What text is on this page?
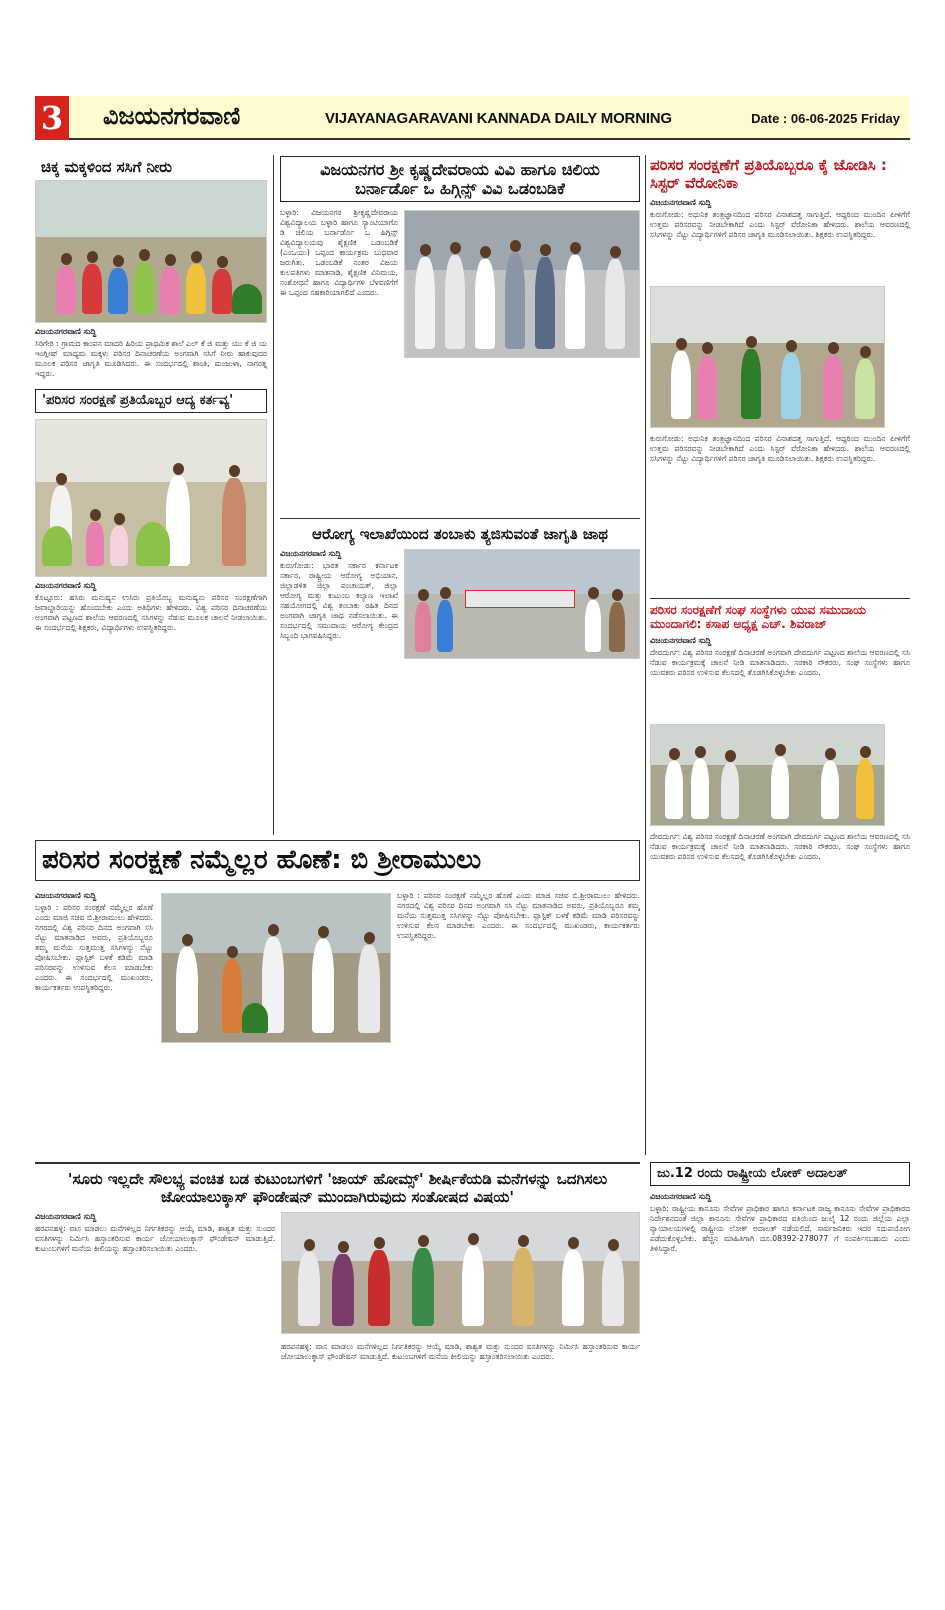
3 ವಿಜಯನಗರವಾಣಿ	VIJAYANAGARAVANI KANNADA DAILY MORNING	Date : 06-06-2025 Friday
ಚಿಕ್ಕ ಮಕ್ಕಳಿಂದ ಸಸಿಗೆ ನೀರು
ವಿಜಯನಗರವಾಣಿ ಸುದ್ದಿ
ಸಿರಿಗೇರಿ : ಗ್ರಾಮದ ಕಾಂಪನ ಮಾದರಿ ಹಿರಿಯ ಪ್ರಾಥಮಿಕ ಶಾಲೆ ಎಲ್ ಕೆ ಜಿ ಮತ್ತು ಯು ಕೆ ಜಿ ಯ ಇಂಗ್ಲೀಷ್ ಮಾಧ್ಯಮ ಮಕ್ಕಳು ಪರಿಸರ ದಿನಾಚರಣೆಯ ಅಂಗವಾಗಿ ಸಸಿಗೆ ನೀರು ಹಾಕುವುದರ ಮೂಲಕ ಪರಿಸರ ಜಾಗೃತಿ ಮೂಡಿಸಿದರು. ಈ ಸಂದರ್ಭದಲ್ಲಿ ಶಾಂತಿ, ಮಂಜುಳಾ, ನಾಗರತ್ನ ಇದ್ದರು.
'ಪರಿಸರ ಸಂರಕ್ಷಣೆ ಪ್ರತಿಯೊಬ್ಬರ ಆದ್ಯ ಕರ್ತವ್ಯ'
ವಿಜಯನಗರವಾಣಿ ಸುದ್ದಿ
ಕೊಟ್ಟೂರು: ಹಸಿರು ಮನುಷ್ಯನ ಉಸಿರು ಪ್ರತಿಯೊಬ್ಬ ಮನುಷ್ಯನು ಪರಿಸರ ಸಂರಕ್ಷಣೆಗಾಗಿ ಜವಾಬ್ದಾರಿಯನ್ನು ಹೊಂದಬೇಕು ಎಂದು ಅತಿಥಿಗಳು ಹೇಳಿದರು. ವಿಶ್ವ ಪರಿಸರ ದಿನಾಚರಣೆಯ ಅಂಗವಾಗಿ ಪಟ್ಟಣದ ಶಾಲೆಯ ಆವರಣದಲ್ಲಿ ಸಸಿಗಳನ್ನು ನೆಡುವ ಮೂಲಕ ಚಾಲನೆ ನೀಡಲಾಯಿತು. ಈ ಸಂದರ್ಭದಲ್ಲಿ ಶಿಕ್ಷಕರು, ವಿದ್ಯಾರ್ಥಿಗಳು ಉಪಸ್ಥಿತರಿದ್ದರು.
ವಿಜಯನಗರ ಶ್ರೀ ಕೃಷ್ಣದೇವರಾಯ ವಿವಿ ಹಾಗೂ ಚಿಲಿಯ ಬರ್ನಾರ್ಡೊ ಒ ಹಿಗ್ಗಿನ್ಸ್ ವಿವಿ ಒಡಂಬಡಿಕೆ
ಬಳ್ಳಾರಿ: ವಿಜಯನಗರ ಶ್ರೀಕೃಷ್ಣದೇವರಾಯ ವಿಶ್ವವಿದ್ಯಾಲಯ ಬಳ್ಳಾರಿ ಹಾಗೂ ಸ್ಯಾಂಟಿಯಾಗೊ ಡಿ ಚಿಲಿಯ ಬರ್ನಾರ್ಡೊ ಒ ಹಿಗ್ಗಿನ್ಸ್ ವಿಶ್ವವಿದ್ಯಾಲಯವು ಶೈಕ್ಷಣಿಕ ಒಡಂಬಡಿಕೆ (ಎಂಒಯು) ಒಪ್ಪಂದ ಕಾರ್ಯಕ್ರಮ ಬುಧವಾರ ಜರುಗಿತು. ಒಡಂಬಡಿಕೆ ನಂತರ ವಿಜಯ ಕುಲಪತಿಗಳು ಮಾತನಾಡಿ, ಶೈಕ್ಷಣಿಕ ವಿನಿಮಯ, ಸಂಶೋಧನೆ ಹಾಗೂ ವಿದ್ಯಾರ್ಥಿಗಳ ಬೆಳವಣಿಗೆಗೆ ಈ ಒಪ್ಪಂದ ಸಹಕಾರಿಯಾಗಲಿದೆ ಎಂದರು.
ಆರೋಗ್ಯ ಇಲಾಖೆಯಿಂದ ತಂಬಾಕು ತ್ಯಜಿಸುವಂತೆ ಜಾಗೃತಿ ಜಾಥ
ವಿಜಯನಗರವಾಣಿ ಸುದ್ದಿ
ಕುರುಗೋಡು: ಭಾರತ ಸರ್ಕಾರ ಕರ್ನಾಟಕ ಸರ್ಕಾರ, ರಾಷ್ಟ್ರೀಯ ಆರೋಗ್ಯ ಅಭಿಯಾನ, ಜಿಲ್ಲಾಡಳಿತ ಜಿಲ್ಲಾ ಪಂಚಾಯತ್, ಜಿಲ್ಲಾ ಆರೋಗ್ಯ ಮತ್ತು ಕುಟುಂಬ ಕಲ್ಯಾಣ ಇಲಾಖೆ ಸಹಯೋಗದಲ್ಲಿ ವಿಶ್ವ ತಂಬಾಕು ರಹಿತ ದಿನದ ಅಂಗವಾಗಿ ಜಾಗೃತಿ ಜಾಥ ನಡೆಸಲಾಯಿತು. ಈ ಸಂದರ್ಭದಲ್ಲಿ ಸಮುದಾಯ ಆರೋಗ್ಯ ಕೇಂದ್ರದ ಸಿಬ್ಬಂದಿ ಭಾಗವಹಿಸಿದ್ದರು.
ಪರಿಸರ ಸಂರಕ್ಷಣೆಗೆ ಪ್ರತಿಯೊಬ್ಬರೂ ಕೈ ಜೋಡಿಸಿ : ಸಿಸ್ಟರ್ ವೆರೋನಿಕಾ
ವಿಜಯನಗರವಾಣಿ ಸುದ್ದಿ
ಕುರುಗೋಡು: ಅಧುನಿಕ ತಂತ್ರಜ್ಞಾನದಿಂದ ಪರಿಸರ ವಿನಾಶದತ್ತ ಸಾಗುತ್ತಿದೆ. ಆದ್ದರಿಂದ ಮುಂದಿನ ಪೀಳಿಗೆಗೆ ಉತ್ತಮ ಪರಿಸರವನ್ನು ನೀಡಬೇಕಾಗಿದೆ ಎಂದು ಸಿಸ್ಟರ್ ವೆರೋನಿಕಾ ಹೇಳಿದರು. ಶಾಲೆಯ ಆವರಣದಲ್ಲಿ ಸಸಿಗಳನ್ನು ನೆಟ್ಟು ವಿದ್ಯಾರ್ಥಿಗಳಿಗೆ ಪರಿಸರ ಜಾಗೃತಿ ಮೂಡಿಸಲಾಯಿತು. ಶಿಕ್ಷಕರು ಉಪಸ್ಥಿತರಿದ್ದರು.
ಕುರುಗೋಡು: ಅಧುನಿಕ ತಂತ್ರಜ್ಞಾನದಿಂದ ಪರಿಸರ ವಿನಾಶದತ್ತ ಸಾಗುತ್ತಿದೆ. ಆದ್ದರಿಂದ ಮುಂದಿನ ಪೀಳಿಗೆಗೆ ಉತ್ತಮ ಪರಿಸರವನ್ನು ನೀಡಬೇಕಾಗಿದೆ ಎಂದು ಸಿಸ್ಟರ್ ವೆರೋನಿಕಾ ಹೇಳಿದರು. ಶಾಲೆಯ ಆವರಣದಲ್ಲಿ ಸಸಿಗಳನ್ನು ನೆಟ್ಟು ವಿದ್ಯಾರ್ಥಿಗಳಿಗೆ ಪರಿಸರ ಜಾಗೃತಿ ಮೂಡಿಸಲಾಯಿತು. ಶಿಕ್ಷಕರು ಉಪಸ್ಥಿತರಿದ್ದರು.
ಪರಿಸರ ಸಂರಕ್ಷಣೆಗೆ ಸಂಘ ಸಂಸ್ಥೆಗಳು ಯುವ ಸಮುದಾಯ ಮುಂದಾಗಲಿ: ಕಸಾಪ ಅಧ್ಯಕ್ಷ ಎಚ್. ಶಿವರಾಜ್
ವಿಜಯನಗರವಾಣಿ ಸುದ್ದಿ
ದೇವದುರ್ಗ: ವಿಶ್ವ ಪರಿಸರ ಸಂರಕ್ಷಣೆ ದಿನಾಚರಣೆ ಅಂಗವಾಗಿ ದೇವದುರ್ಗ ಪಟ್ಟಣದ ಶಾಲೆಯ ಆವರಣದಲ್ಲಿ ಸಸಿ ನೆಡುವ ಕಾರ್ಯಕ್ರಮಕ್ಕೆ ಚಾಲನೆ ನೀಡಿ ಮಾತನಾಡಿದರು. ಸರಕಾರಿ ನೌಕರರು, ಸಂಘ ಸಂಸ್ಥೆಗಳು ಹಾಗೂ ಯುವಕರು ಪರಿಸರ ಉಳಿಸುವ ಕೆಲಸದಲ್ಲಿ ತೊಡಗಿಸಿಕೊಳ್ಳಬೇಕು ಎಂದರು.
ದೇವದುರ್ಗ: ವಿಶ್ವ ಪರಿಸರ ಸಂರಕ್ಷಣೆ ದಿನಾಚರಣೆ ಅಂಗವಾಗಿ ದೇವದುರ್ಗ ಪಟ್ಟಣದ ಶಾಲೆಯ ಆವರಣದಲ್ಲಿ ಸಸಿ ನೆಡುವ ಕಾರ್ಯಕ್ರಮಕ್ಕೆ ಚಾಲನೆ ನೀಡಿ ಮಾತನಾಡಿದರು. ಸರಕಾರಿ ನೌಕರರು, ಸಂಘ ಸಂಸ್ಥೆಗಳು ಹಾಗೂ ಯುವಕರು ಪರಿಸರ ಉಳಿಸುವ ಕೆಲಸದಲ್ಲಿ ತೊಡಗಿಸಿಕೊಳ್ಳಬೇಕು ಎಂದರು.
ಪರಿಸರ ಸಂರಕ್ಷಣೆ ನಮ್ಮೆಲ್ಲರ ಹೊಣೆ: ಬಿ ಶ್ರೀರಾಮುಲು
ವಿಜಯನಗರವಾಣಿ ಸುದ್ದಿ
ಬಳ್ಳಾರಿ : ಪರಿಸರ ಸಂರಕ್ಷಣೆ ನಮ್ಮೆಲ್ಲರ ಹೊಣೆ ಎಂದು ಮಾಜಿ ಸಚಿವ ಬಿ.ಶ್ರೀರಾಮುಲು ಹೇಳಿದರು. ನಗರದಲ್ಲಿ ವಿಶ್ವ ಪರಿಸರ ದಿನದ ಅಂಗವಾಗಿ ಸಸಿ ನೆಟ್ಟು ಮಾತನಾಡಿದ ಅವರು, ಪ್ರತಿಯೊಬ್ಬರೂ ತಮ್ಮ ಮನೆಯ ಸುತ್ತಮುತ್ತ ಸಸಿಗಳನ್ನು ನೆಟ್ಟು ಪೋಷಿಸಬೇಕು. ಪ್ಲಾಸ್ಟಿಕ್ ಬಳಕೆ ಕಡಿಮೆ ಮಾಡಿ ಪರಿಸರವನ್ನು ಉಳಿಸುವ ಕೆಲಸ ಮಾಡಬೇಕು ಎಂದರು. ಈ ಸಂದರ್ಭದಲ್ಲಿ ಮುಖಂಡರು, ಕಾರ್ಯಕರ್ತರು ಉಪಸ್ಥಿತರಿದ್ದರು.
ಬಳ್ಳಾರಿ : ಪರಿಸರ ಸಂರಕ್ಷಣೆ ನಮ್ಮೆಲ್ಲರ ಹೊಣೆ ಎಂದು ಮಾಜಿ ಸಚಿವ ಬಿ.ಶ್ರೀರಾಮುಲು ಹೇಳಿದರು. ನಗರದಲ್ಲಿ ವಿಶ್ವ ಪರಿಸರ ದಿನದ ಅಂಗವಾಗಿ ಸಸಿ ನೆಟ್ಟು ಮಾತನಾಡಿದ ಅವರು, ಪ್ರತಿಯೊಬ್ಬರೂ ತಮ್ಮ ಮನೆಯ ಸುತ್ತಮುತ್ತ ಸಸಿಗಳನ್ನು ನೆಟ್ಟು ಪೋಷಿಸಬೇಕು. ಪ್ಲಾಸ್ಟಿಕ್ ಬಳಕೆ ಕಡಿಮೆ ಮಾಡಿ ಪರಿಸರವನ್ನು ಉಳಿಸುವ ಕೆಲಸ ಮಾಡಬೇಕು ಎಂದರು. ಈ ಸಂದರ್ಭದಲ್ಲಿ ಮುಖಂಡರು, ಕಾರ್ಯಕರ್ತರು ಉಪಸ್ಥಿತರಿದ್ದರು.
'ಸೂರು ಇಲ್ಲದೇ ಸೌಲಭ್ಯ ವಂಚಿತ ಬಡ ಕುಟುಂಬಗಳಿಗೆ 'ಜಾಯ್ ಹೋಮ್ಸ್' ಶೀರ್ಷಿಕೆಯಡಿ ಮನೆಗಳನ್ನು ಒದಗಿಸಲು ಜೋಯಾಲುಕ್ಕಾಸ್ ಫೌಂಡೇಷನ್ ಮುಂದಾಗಿರುವುದು ಸಂತೋಷದ ವಿಷಯ'
ವಿಜಯನಗರವಾಣಿ ಸುದ್ದಿ
ಹರಪನಹಳ್ಳಿ: ವಾಸ ಮಾಡಲು ಮನೆಗಳಿಲ್ಲದ ನಿರ್ಗತಿಕರನ್ನು ಆಯ್ಕೆ ಮಾಡಿ, ಶಾಶ್ವತ ಮತ್ತು ಸುಂದರ ವಸತಿಗಳನ್ನು ನಿರ್ಮಿಸಿ ಹಸ್ತಾಂತರಿಸುವ ಕಾರ್ಯ ಜೋಯಾಲುಕ್ಕಾಸ್ ಫೌಂಡೇಷನ್ ಮಾಡುತ್ತಿದೆ. ಕುಟುಂಬಗಳಿಗೆ ಮನೆಯ ಕೀಲಿಯನ್ನು ಹಸ್ತಾಂತರಿಸಲಾಯಿತು ಎಂದರು.
ಹರಪನಹಳ್ಳಿ: ವಾಸ ಮಾಡಲು ಮನೆಗಳಿಲ್ಲದ ನಿರ್ಗತಿಕರನ್ನು ಆಯ್ಕೆ ಮಾಡಿ, ಶಾಶ್ವತ ಮತ್ತು ಸುಂದರ ವಸತಿಗಳನ್ನು ನಿರ್ಮಿಸಿ ಹಸ್ತಾಂತರಿಸುವ ಕಾರ್ಯ ಜೋಯಾಲುಕ್ಕಾಸ್ ಫೌಂಡೇಷನ್ ಮಾಡುತ್ತಿದೆ. ಕುಟುಂಬಗಳಿಗೆ ಮನೆಯ ಕೀಲಿಯನ್ನು ಹಸ್ತಾಂತರಿಸಲಾಯಿತು ಎಂದರು.
ಜು.12 ರಂದು ರಾಷ್ಟ್ರೀಯ ಲೋಕ್ ಅದಾಲತ್
ವಿಜಯನಗರವಾಣಿ ಸುದ್ದಿ
ಬಳ್ಳಾರಿ: ರಾಷ್ಟ್ರೀಯ ಕಾನೂನು ಸೇವೆಗಳ ಪ್ರಾಧಿಕಾರ ಹಾಗೂ ಕರ್ನಾಟಕ ರಾಜ್ಯ ಕಾನೂನು ಸೇವೆಗಳ ಪ್ರಾಧಿಕಾರದ ನಿರ್ದೇಶನದಂತೆ ಜಿಲ್ಲಾ ಕಾನೂನು ಸೇವೆಗಳ ಪ್ರಾಧಿಕಾರದ ವತಿಯಿಂದ ಜುಲೈ 12 ರಂದು ಜಿಲ್ಲೆಯ ಎಲ್ಲಾ ನ್ಯಾಯಾಲಯಗಳಲ್ಲಿ ರಾಷ್ಟ್ರೀಯ ಲೋಕ್ ಅದಾಲತ್ ನಡೆಯಲಿದೆ. ಸಾರ್ವಜನಿಕರು ಇದರ ಸದುಪಯೋಗ ಪಡೆದುಕೊಳ್ಳಬೇಕು. ಹೆಚ್ಚಿನ ಮಾಹಿತಿಗಾಗಿ ದೂ.08392-278077 ಗೆ ಸಂಪರ್ಕಿಸಬಹುದು ಎಂದು ತಿಳಿಸಿದ್ದಾರೆ.
